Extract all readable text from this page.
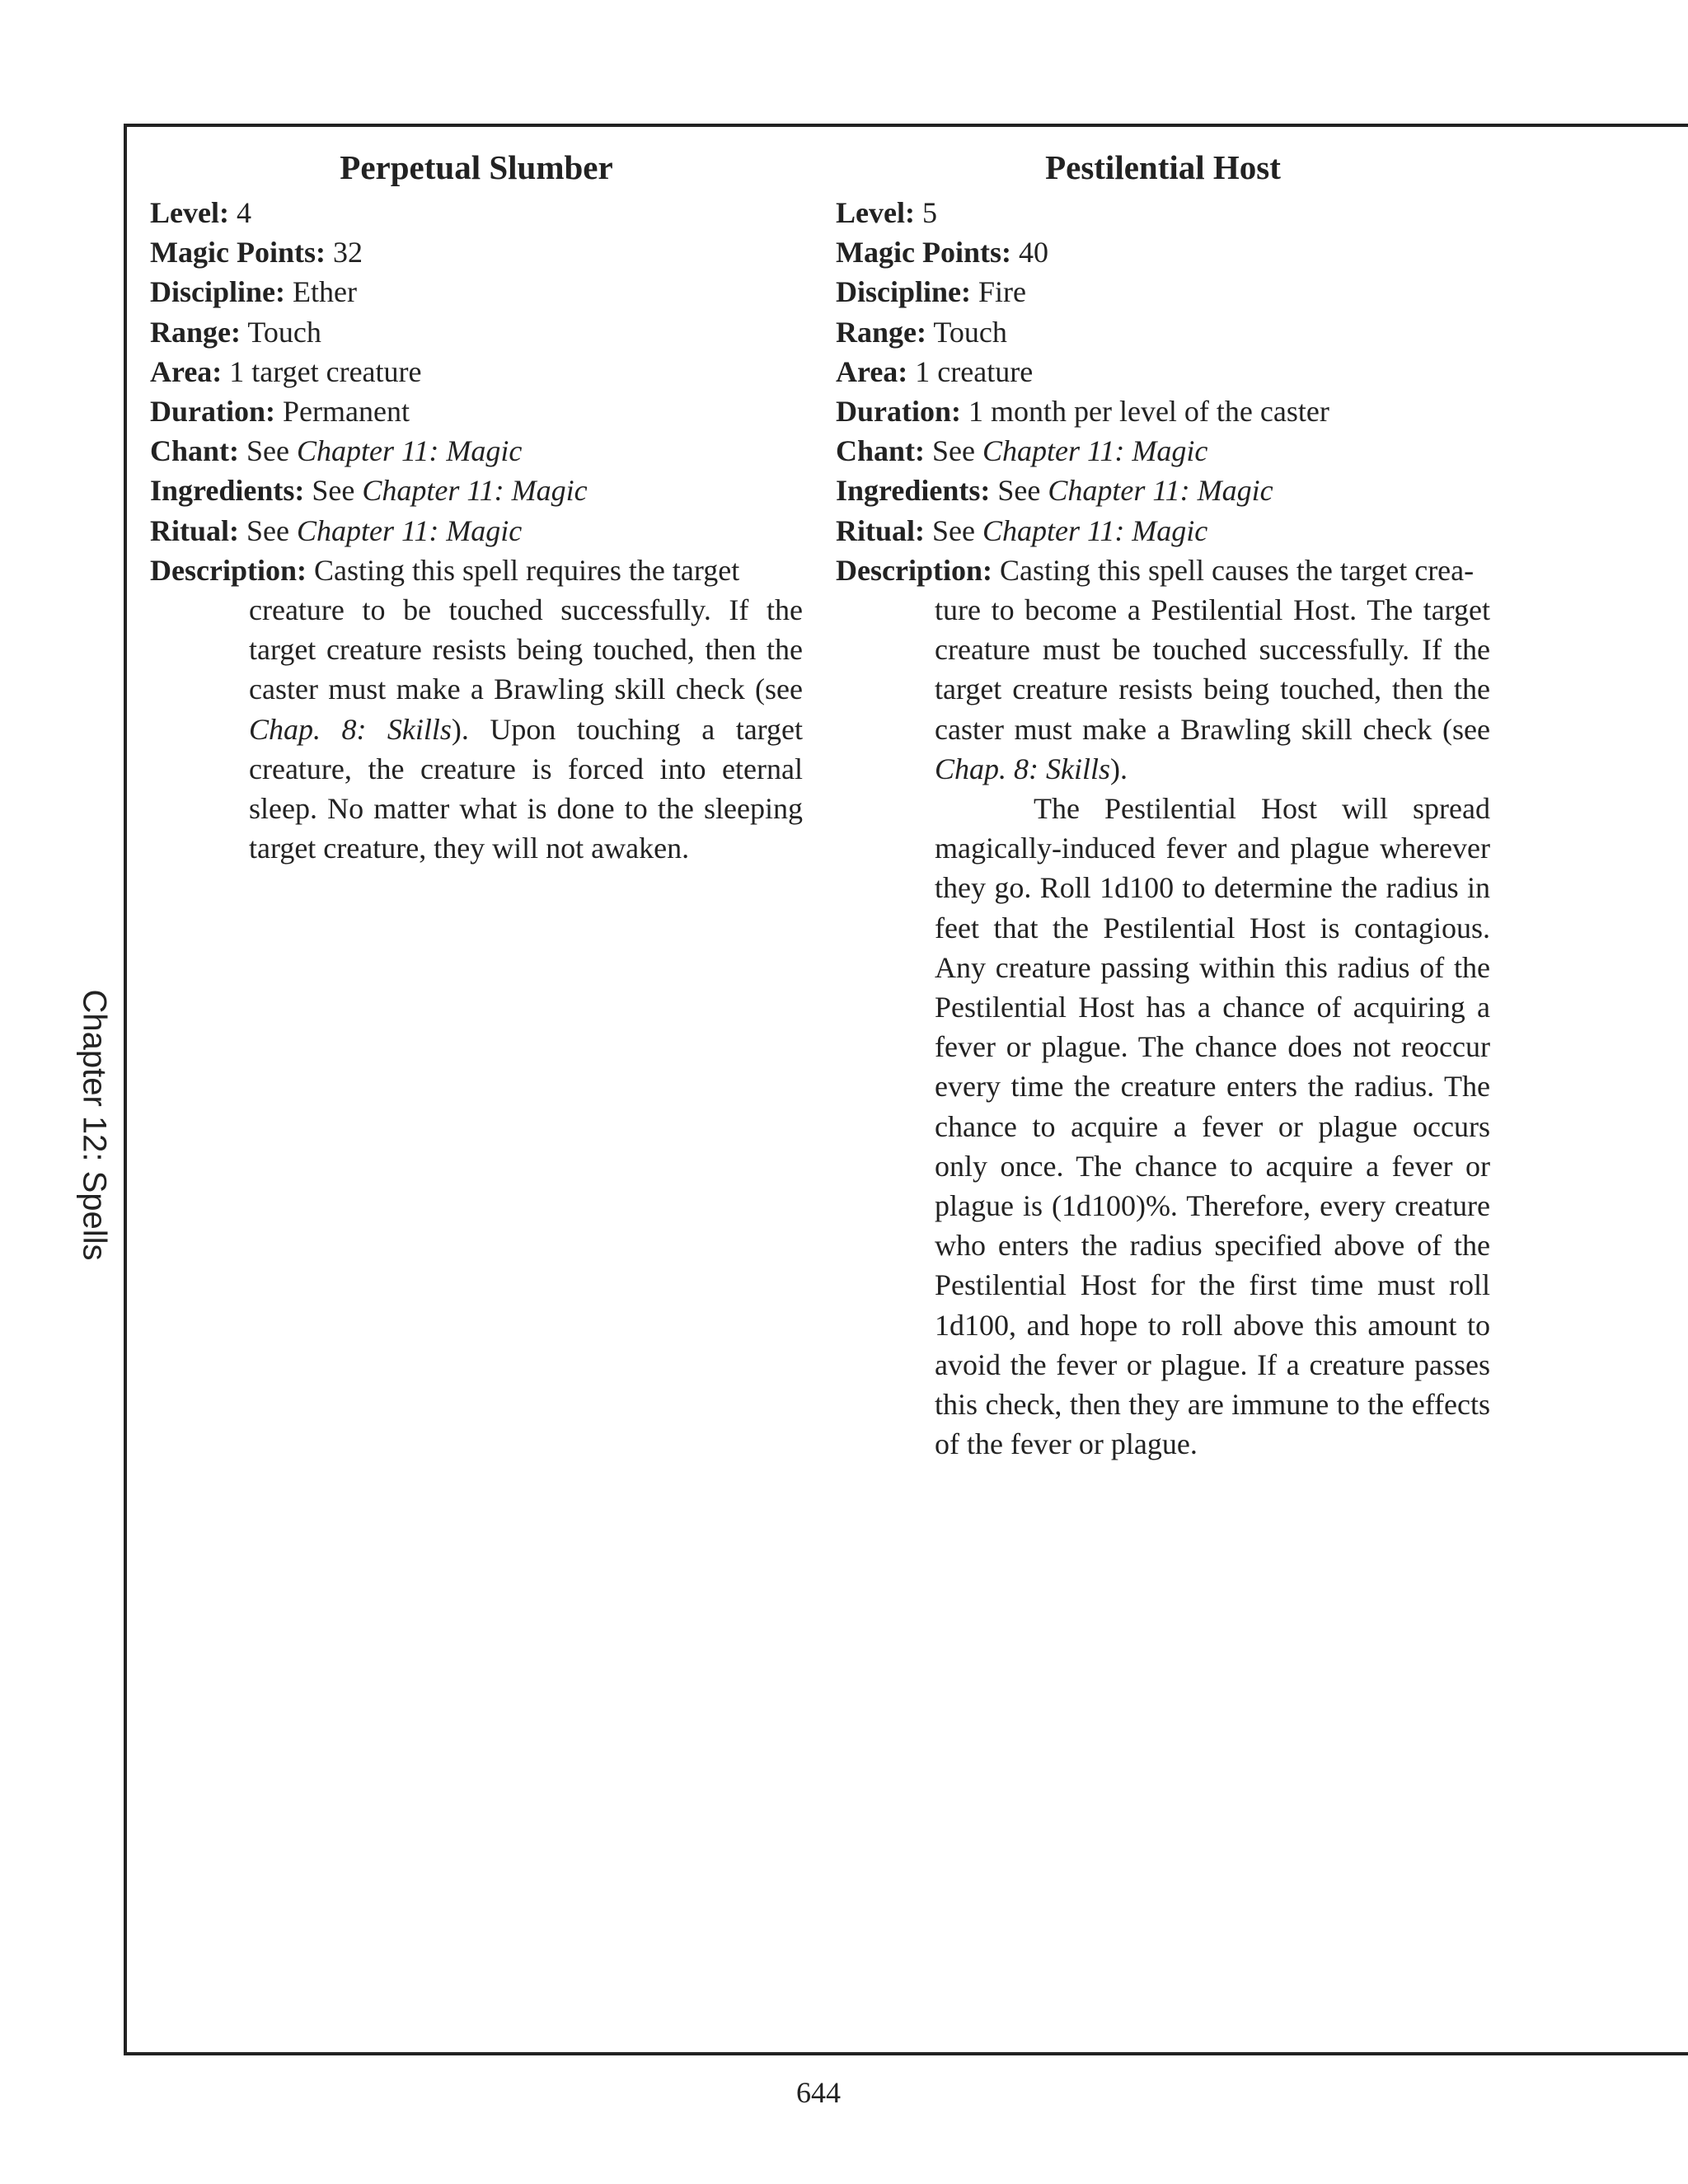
Chapter 12: Spells
Perpetual Slumber

Level: 4

Magic Points: 32

Discipline: Ether

Range: Touch

Area: 1 target creature

Duration: Permanent

Chant: See Chapter 11: Magic

Ingredients: See Chapter 11: Magic

Ritual: See Chapter 11: Magic

Description: Casting this spell requires the target

creature to be touched successfully. If the target creature resists being touched, then the caster must make a Brawling skill check (see Chap. 8: Skills). Upon touching a target creature, the creature is forced into eternal sleep. No matter what is done to the sleeping target creature, they will not awaken.

Pestilential Host

Level: 5

Magic Points: 40

Discipline: Fire

Range: Touch

Area: 1 creature

Duration: 1 month per level of the caster

Chant: See Chapter 11: Magic

Ingredients: See Chapter 11: Magic

Ritual: See Chapter 11: Magic

Description: Casting this spell causes the target crea-

ture to become a Pestilential Host. The target creature must be touched successfully. If the target creature resists being touched, then the caster must make a Brawling skill check (see Chap. 8: Skills).

The Pestilential Host will spread magically-induced fever and plague wherever they go. Roll 1d100 to determine the radius in feet that the Pestilential Host is contagious. Any creature passing within this radius of the Pestilential Host has a chance of acquiring a fever or plague. The chance does not reoccur every time the creature enters the radius. The chance to acquire a fever or plague occurs only once. The chance to acquire a fever or plague is (1d100)%. Therefore, every creature who enters the radius specified above of the Pestilential Host for the first time must roll 1d100, and hope to roll above this amount to avoid the fever or plague. If a creature passes this check, then they are immune to the effects of the fever or plague.

644
